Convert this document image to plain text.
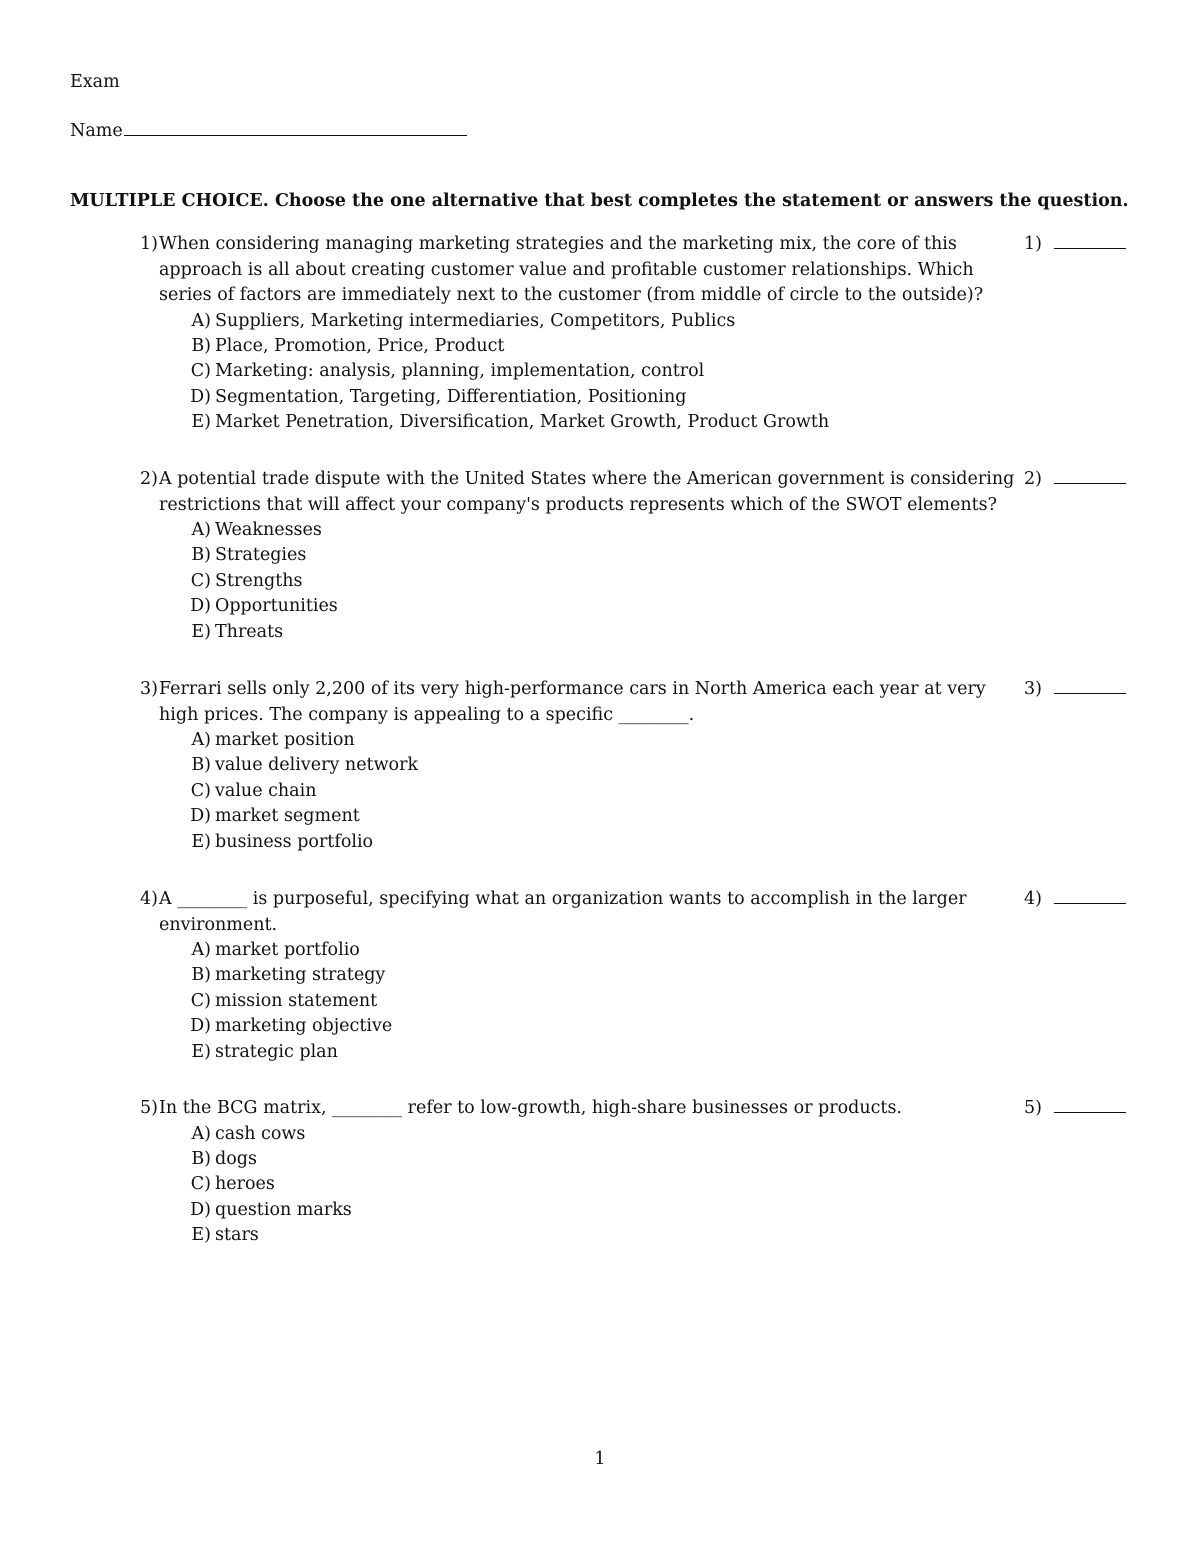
Exam
Name
MULTIPLE CHOICE. Choose the one alternative that best completes the statement or answers the question.
1) When considering managing marketing strategies and the marketing mix, the core of this
approach is all about creating customer value and profitable customer relationships. Which
series of factors are immediately next to the customer (from middle of circle to the outside)?
A) Suppliers, Marketing intermediaries, Competitors, Publics
B) Place, Promotion, Price, Product
C) Marketing: analysis, planning, implementation, control
D) Segmentation, Targeting, Differentiation, Positioning
E) Market Penetration, Diversification, Market Growth, Product Growth
1)
2) A potential trade dispute with the United States where the American government is considering
restrictions that will affect your company's products represents which of the SWOT elements?
A) Weaknesses
B) Strategies
C) Strengths
D) Opportunities
E) Threats
2)
3) Ferrari sells only 2,200 of its very high-performance cars in North America each year at very
high prices. The company is appealing to a specific ________.
A) market position
B) value delivery network
C) value chain
D) market segment
E) business portfolio
3)
4) A ________ is purposeful, specifying what an organization wants to accomplish in the larger
environment.
A) market portfolio
B) marketing strategy
C) mission statement
D) marketing objective
E) strategic plan
4)
5) In the BCG matrix, ________ refer to low-growth, high-share businesses or products.
A) cash cows
B) dogs
C) heroes
D) question marks
E) stars
5)
1
